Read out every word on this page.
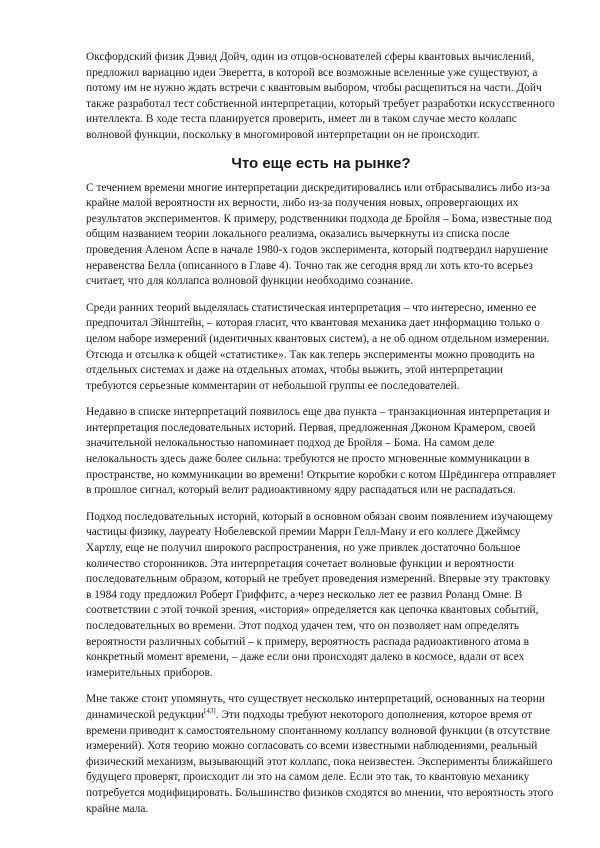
Оксфордский физик Дэвид Дойч, один из отцов-основателей сферы квантовых вычислений, предложил вариацию идеи Эверетта, в которой все возможные вселенные уже существуют, а потому им не нужно ждать встречи с квантовым выбором, чтобы расщепиться на части. Дойч также разработал тест собственной интерпретации, который требует разработки искусственного интеллекта. В ходе теста планируется проверить, имеет ли в таком случае место коллапс волновой функции, поскольку в многомировой интерпретации он не происходит.

Что еще есть на рынке?

С течением времени многие интерпретации дискредитировались или отбрасывались либо из-за крайне малой вероятности их верности, либо из-за получения новых, опровергающих их результатов экспериментов. К примеру, родственники подхода де Бройля – Бома, известные под общим названием теории локального реализма, оказались вычеркнуты из списка после проведения Аленом Аспе в начале 1980-х годов эксперимента, который подтвердил нарушение неравенства Белла (описанного в Главе 4). Точно так же сегодня вряд ли хоть кто-то всерьез считает, что для коллапса волновой функции необходимо сознание.

Среди ранних теорий выделялась статистическая интерпретация – что интересно, именно ее предпочитал Эйнштейн, – которая гласит, что квантовая механика дает информацию только о целом наборе измерений (идентичных квантовых систем), а не об одном отдельном измерении. Отсюда и отсылка к общей «статистике». Так как теперь эксперименты можно проводить на отдельных системах и даже на отдельных атомах, чтобы выжить, этой интерпретации требуются серьезные комментарии от небольшой группы ее последователей.

Недавно в списке интерпретаций появилось еще два пункта – транзакционная интерпретация и интерпретация последовательных историй. Первая, предложенная Джоном Крамером, своей значительной нелокальностью напоминает подход де Бройля – Бома. На самом деле нелокальность здесь даже более сильна: требуются не просто мгновенные коммуникации в пространстве, но коммуникации во времени! Открытие коробки с котом Шрёдингера отправляет в прошлое сигнал, который велит радиоактивному ядру распадаться или не распадаться.

Подход последовательных историй, который в основном обязан своим появлением изучающему частицы физику, лауреату Нобелевской премии Марри Гелл-Ману и его коллеге Джеймсу Хартлу, еще не получил широкого распространения, но уже привлек достаточно большое количество сторонников. Эта интерпретация сочетает волновые функции и вероятности последовательным образом, который не требует проведения измерений. Впервые эту трактовку в 1984 году предложил Роберт Гриффитс, а через несколько лет ее развил Роланд Омне. В соответствии с этой точкой зрения, «история» определяется как цепочка квантовых событий, последовательных во времени. Этот подход удачен тем, что он позволяет нам определять вероятности различных событий – к примеру, вероятность распада радиоактивного атома в конкретный момент времени, – даже если они происходят далеко в космосе, вдали от всех измерительных приборов.

Мне также стоит упомянуть, что существует несколько интерпретаций, основанных на теории динамической редукции[43]. Эти подходы требуют некоторого дополнения, которое время от времени приводит к самостоятельному спонтанному коллапсу волновой функции (в отсутствие измерений). Хотя теорию можно согласовать со всеми известными наблюдениями, реальный физический механизм, вызывающий этот коллапс, пока неизвестен. Эксперименты ближайшего будущего проверят, происходит ли это на самом деле. Если это так, то квантовую механику потребуется модифицировать. Большинство физиков сходятся во мнении, что вероятность этого крайне мала.
